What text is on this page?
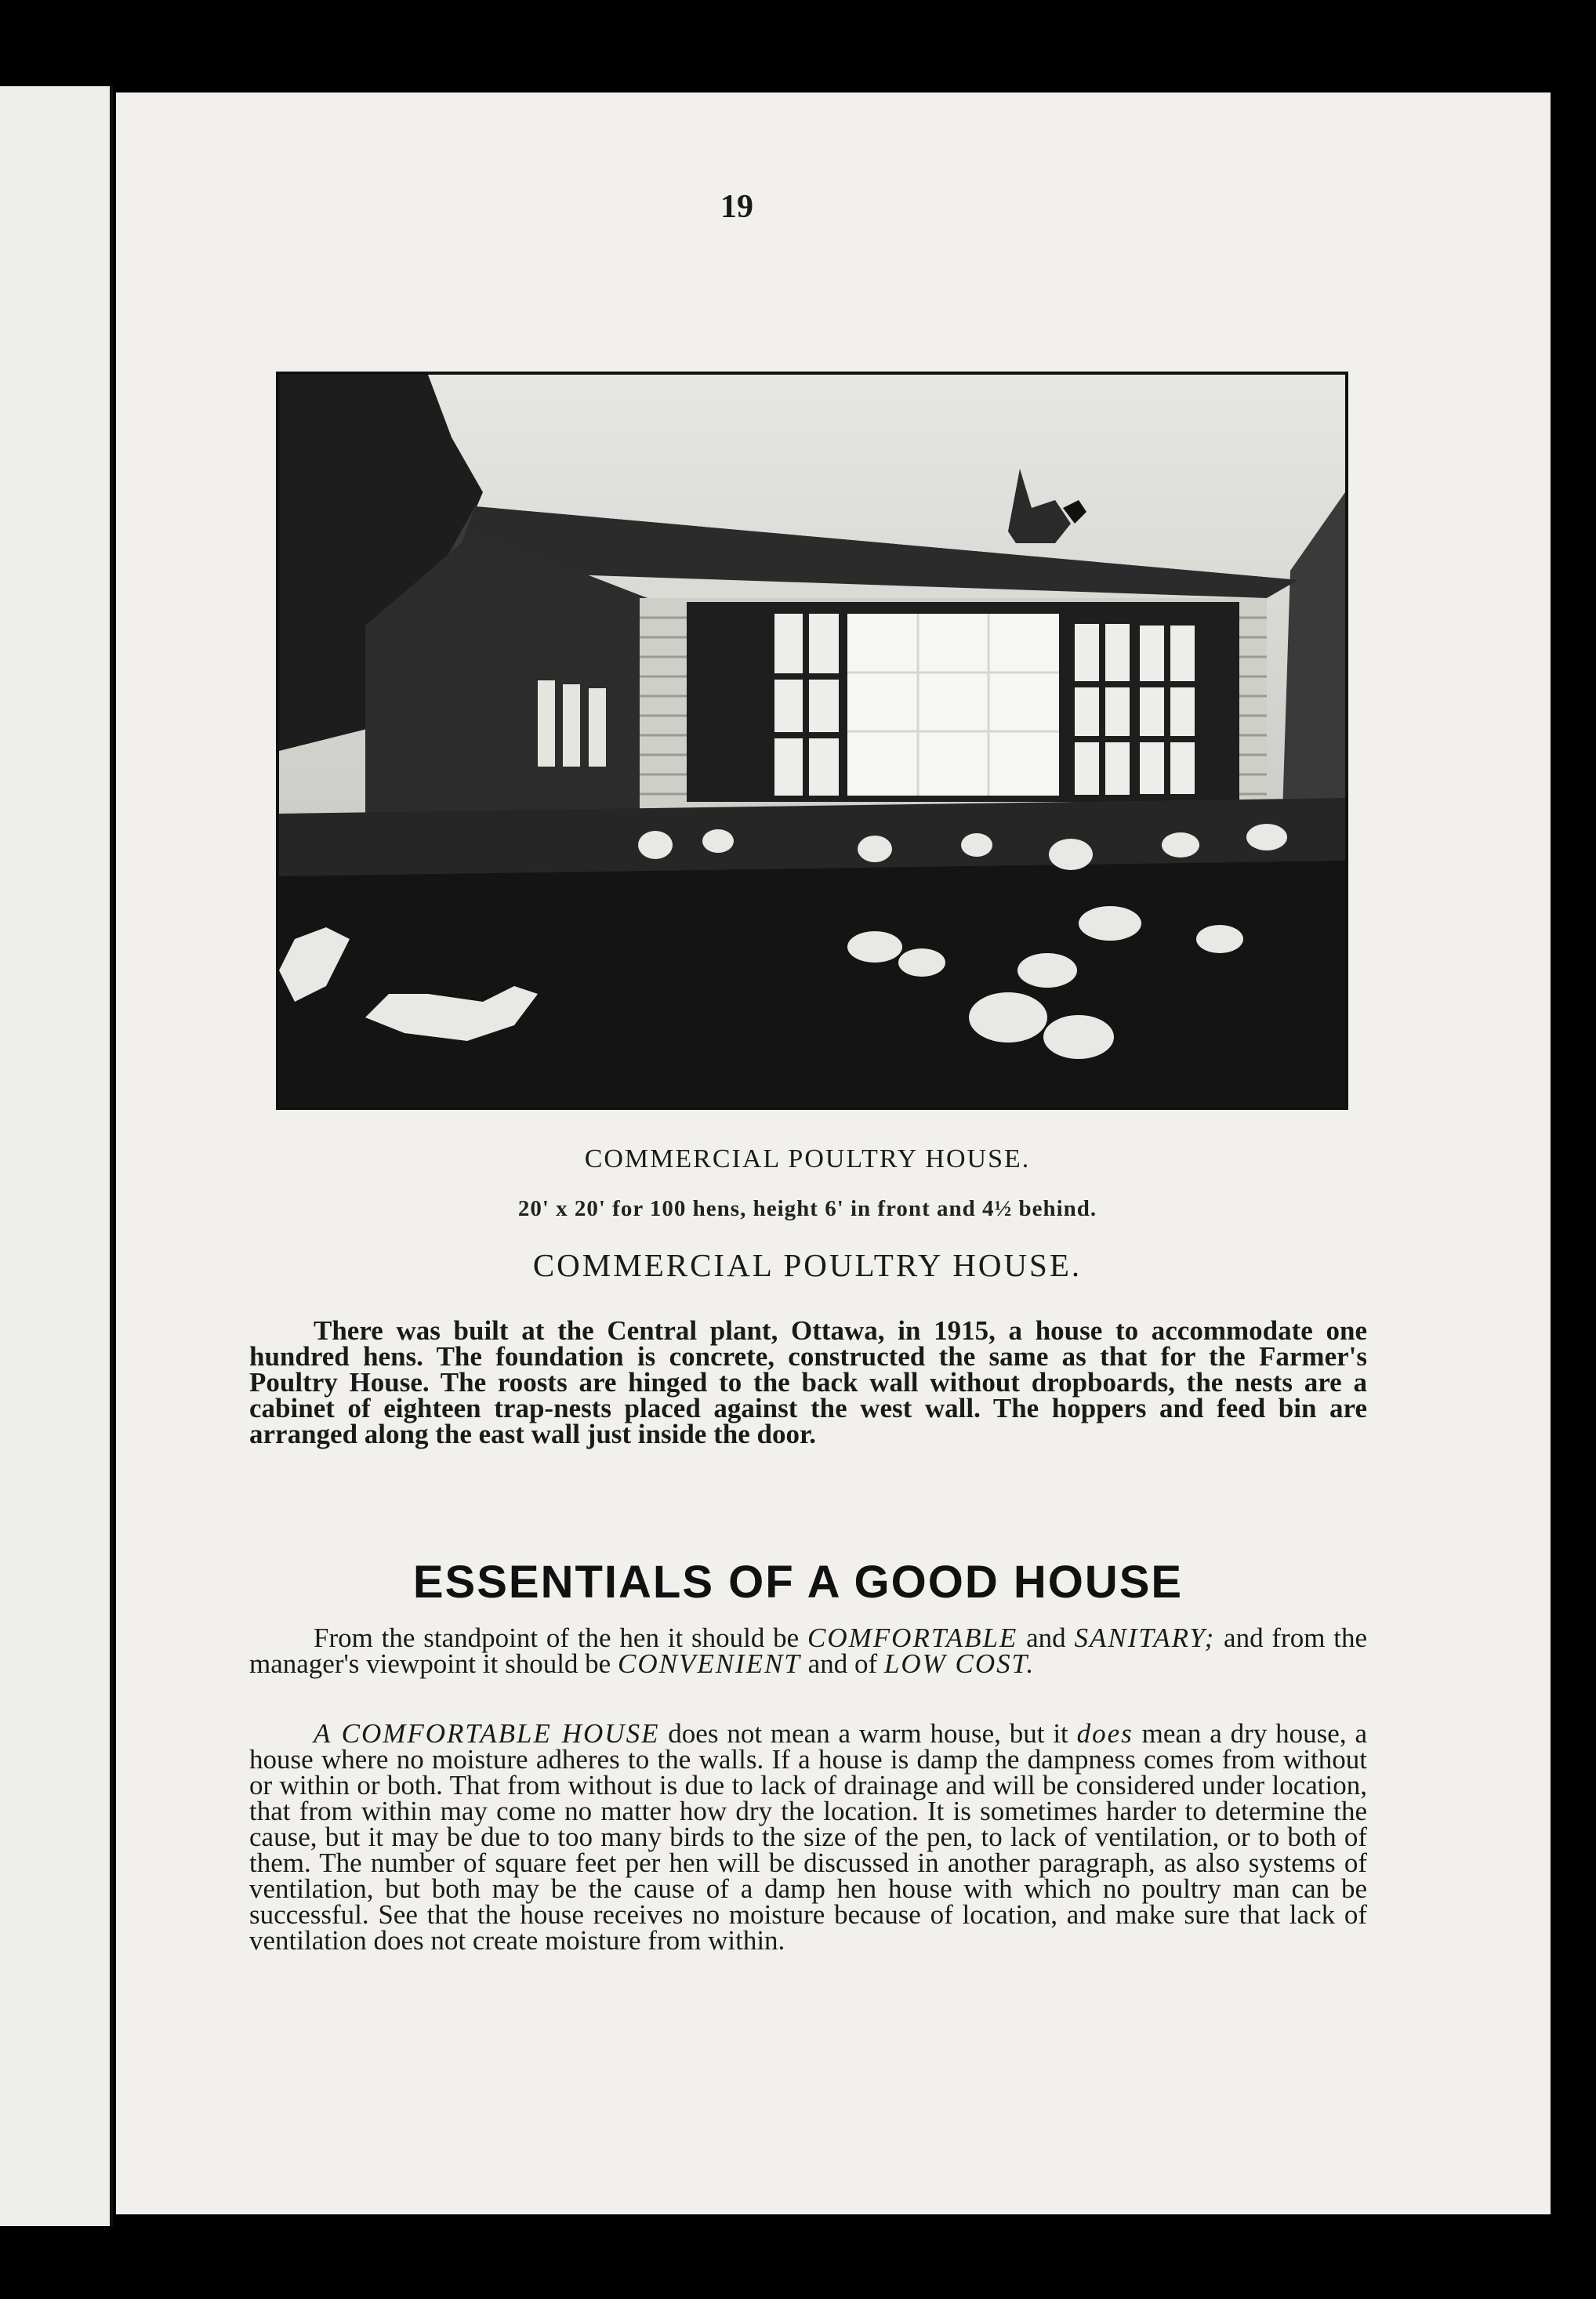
19
COMMERCIAL POULTRY HOUSE.
20' x 20' for 100 hens, height 6' in front and 4½ behind.
COMMERCIAL POULTRY HOUSE.
There was built at the Central plant, Ottawa, in 1915, a house to accommodate one hundred hens. The foundation is concrete, constructed the same as that for the Farmer's Poultry House. The roosts are hinged to the back wall without dropboards, the nests are a cabinet of eighteen trap-nests placed against the west wall. The hoppers and feed bin are arranged along the east wall just inside the door.
ESSENTIALS OF A GOOD HOUSE
From the standpoint of the hen it should be COMFORTABLE and SANITARY; and from the manager's viewpoint it should be CONVENIENT and of LOW COST.
A COMFORTABLE HOUSE does not mean a warm house, but it does mean a dry house, a house where no moisture adheres to the walls. If a house is damp the dampness comes from without or within or both. That from without is due to lack of drainage and will be considered under location, that from within may come no matter how dry the location. It is sometimes harder to determine the cause, but it may be due to too many birds to the size of the pen, to lack of ventilation, or to both of them. The number of square feet per hen will be discussed in another paragraph, as also systems of ventilation, but both may be the cause of a damp hen house with which no poultry man can be successful. See that the house receives no moisture because of location, and make sure that lack of ventilation does not create moisture from within.
